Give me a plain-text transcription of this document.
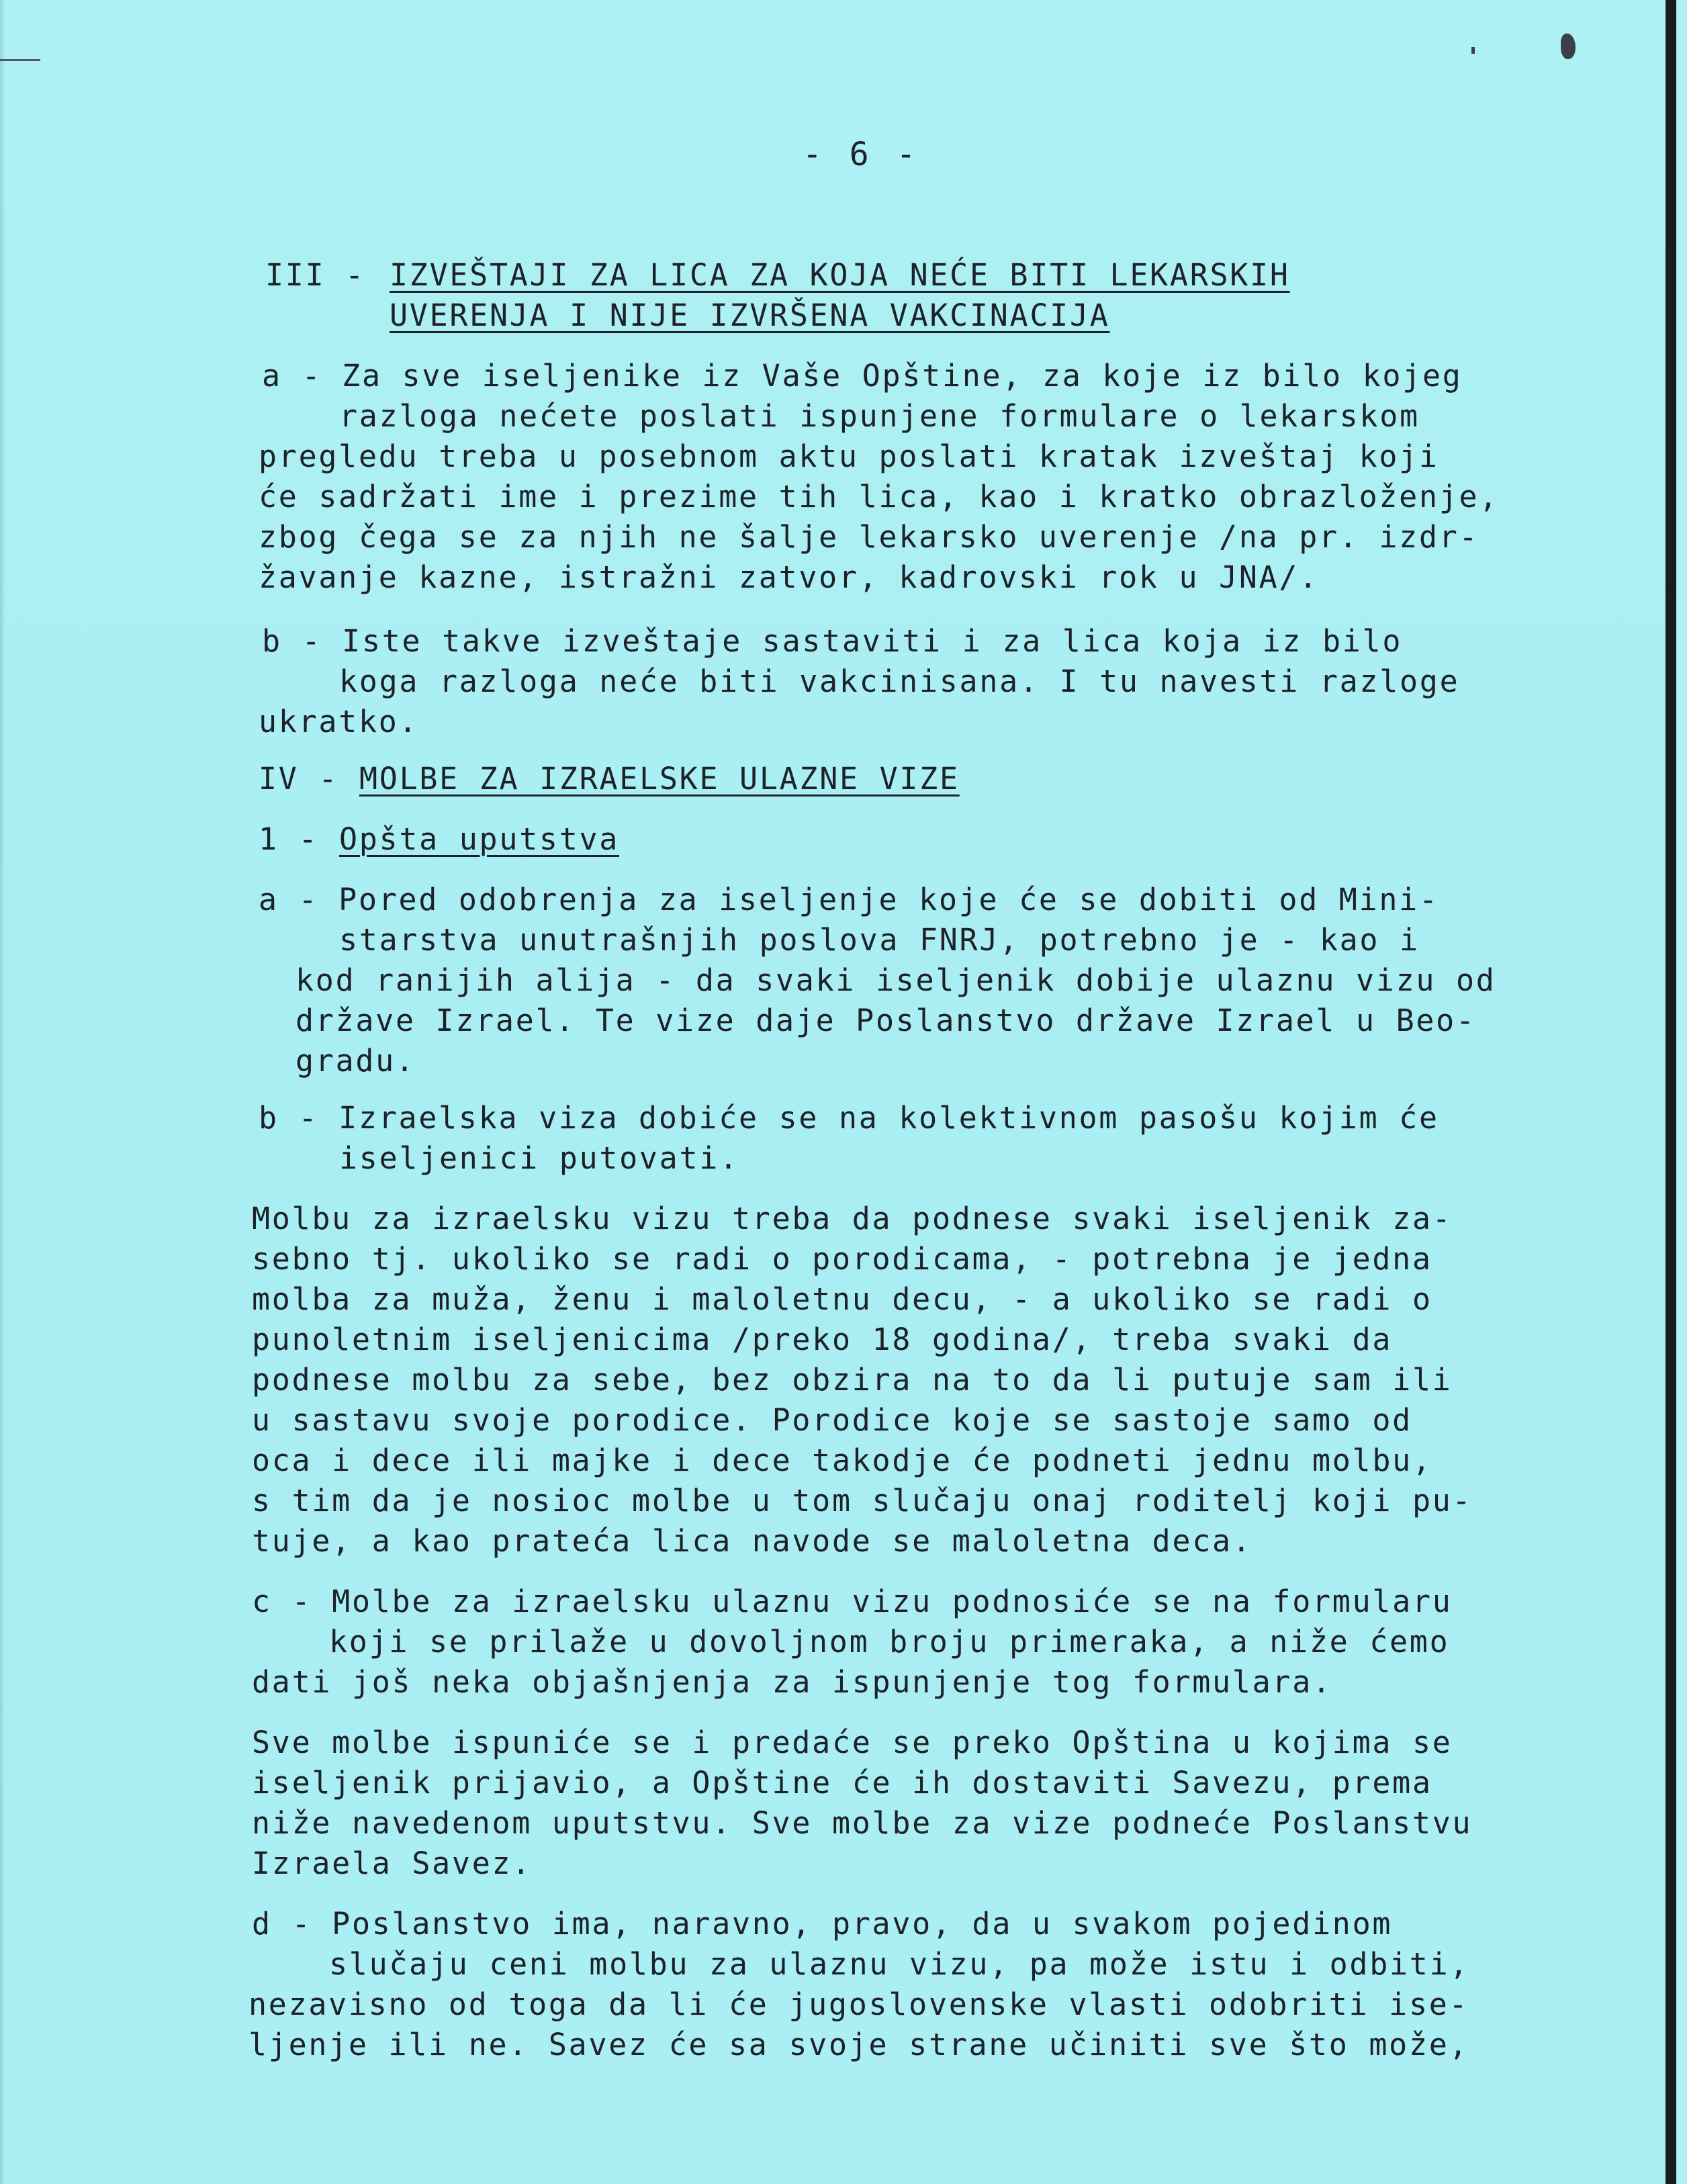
- 6 -
III - IZVEŠTAJI ZA LICA ZA KOJA NEĆE BITI LEKARSKIH
UVERENJA I NIJE IZVRŠENA VAKCINACIJA
a - Za sve iseljenike iz Vaše Opštine, za koje iz bilo kojeg
razloga nećete poslati ispunjene formulare o lekarskom
pregledu treba u posebnom aktu poslati kratak izveštaj koji
će sadržati ime i prezime tih lica, kao i kratko obrazloženje,
zbog čega se za njih ne šalje lekarsko uverenje /na pr. izdr-
žavanje kazne, istražni zatvor, kadrovski rok u JNA/.
b - Iste takve izveštaje sastaviti i za lica koja iz bilo
koga razloga neće biti vakcinisana. I tu navesti razloge
ukratko.
IV - MOLBE ZA IZRAELSKE ULAZNE VIZE
1 - Opšta uputstva
a - Pored odobrenja za iseljenje koje će se dobiti od Mini-
starstva unutrašnjih poslova FNRJ, potrebno je - kao i
kod ranijih alija - da svaki iseljenik dobije ulaznu vizu od
države Izrael. Te vize daje Poslanstvo države Izrael u Beo-
gradu.
b - Izraelska viza dobiće se na kolektivnom pasošu kojim će
iseljenici putovati.
Molbu za izraelsku vizu treba da podnese svaki iseljenik za-
sebno tj. ukoliko se radi o porodicama, - potrebna je jedna
molba za muža, ženu i maloletnu decu, - a ukoliko se radi o
punoletnim iseljenicima /preko 18 godina/, treba svaki da
podnese molbu za sebe, bez obzira na to da li putuje sam ili
u sastavu svoje porodice. Porodice koje se sastoje samo od
oca i dece ili majke i dece takodje će podneti jednu molbu,
s tim da je nosioc molbe u tom slučaju onaj roditelj koji pu-
tuje, a kao prateća lica navode se maloletna deca.
c - Molbe za izraelsku ulaznu vizu podnosiće se na formularu
koji se prilaže u dovoljnom broju primeraka, a niže ćemo
dati još neka objašnjenja za ispunjenje tog formulara.
Sve molbe ispuniće se i predaće se preko Opština u kojima se
iseljenik prijavio, a Opštine će ih dostaviti Savezu, prema
niže navedenom uputstvu. Sve molbe za vize podneće Poslanstvu
Izraela Savez.
d - Poslanstvo ima, naravno, pravo, da u svakom pojedinom
slučaju ceni molbu za ulaznu vizu, pa može istu i odbiti,
nezavisno od toga da li će jugoslovenske vlasti odobriti ise-
ljenje ili ne. Savez će sa svoje strane učiniti sve što može,
